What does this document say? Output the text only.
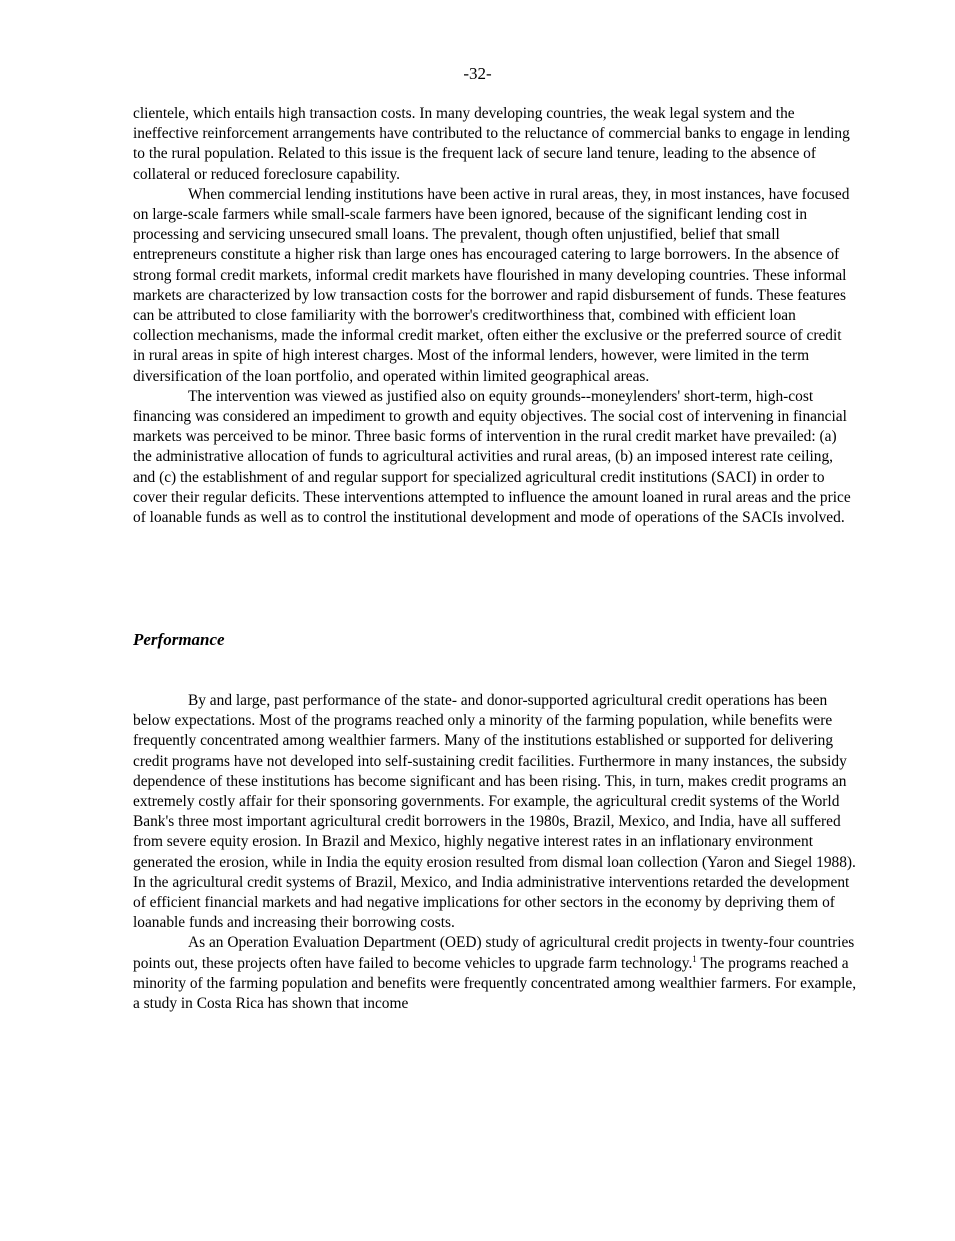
-32-

clientele, which entails high transaction costs. In many developing countries, the weak legal system and the ineffective reinforcement arrangements have contributed to the reluctance of commercial banks to engage in lending to the rural population. Related to this issue is the frequent lack of secure land tenure, leading to the absence of collateral or reduced foreclosure capability.

When commercial lending institutions have been active in rural areas, they, in most instances, have focused on large-scale farmers while small-scale farmers have been ignored, because of the significant lending cost in processing and servicing unsecured small loans. The prevalent, though often unjustified, belief that small entrepreneurs constitute a higher risk than large ones has encouraged catering to large borrowers. In the absence of strong formal credit markets, informal credit markets have flourished in many developing countries. These informal markets are characterized by low transaction costs for the borrower and rapid disbursement of funds. These features can be attributed to close familiarity with the borrower's creditworthiness that, combined with efficient loan collection mechanisms, made the informal credit market, often either the exclusive or the preferred source of credit in rural areas in spite of high interest charges. Most of the informal lenders, however, were limited in the term diversification of the loan portfolio, and operated within limited geographical areas.

The intervention was viewed as justified also on equity grounds--moneylenders' short-term, high-cost financing was considered an impediment to growth and equity objectives. The social cost of intervening in financial markets was perceived to be minor. Three basic forms of intervention in the rural credit market have prevailed: (a) the administrative allocation of funds to agricultural activities and rural areas, (b) an imposed interest rate ceiling, and (c) the establishment of and regular support for specialized agricultural credit institutions (SACI) in order to cover their regular deficits. These interventions attempted to influence the amount loaned in rural areas and the price of loanable funds as well as to control the institutional development and mode of operations of the SACIs involved.

Performance

By and large, past performance of the state- and donor-supported agricultural credit operations has been below expectations. Most of the programs reached only a minority of the farming population, while benefits were frequently concentrated among wealthier farmers. Many of the institutions established or supported for delivering credit programs have not developed into self-sustaining credit facilities. Furthermore in many instances, the subsidy dependence of these institutions has become significant and has been rising. This, in turn, makes credit programs an extremely costly affair for their sponsoring governments. For example, the agricultural credit systems of the World Bank's three most important agricultural credit borrowers in the 1980s, Brazil, Mexico, and India, have all suffered from severe equity erosion. In Brazil and Mexico, highly negative interest rates in an inflationary environment generated the erosion, while in India the equity erosion resulted from dismal loan collection (Yaron and Siegel 1988). In the agricultural credit systems of Brazil, Mexico, and India administrative interventions retarded the development of efficient financial markets and had negative implications for other sectors in the economy by depriving them of loanable funds and increasing their borrowing costs.

As an Operation Evaluation Department (OED) study of agricultural credit projects in twenty-four countries points out, these projects often have failed to become vehicles to upgrade farm technology.$^1$ The programs reached a minority of the farming population and benefits were frequently concentrated among wealthier farmers. For example, a study in Costa Rica has shown that income
